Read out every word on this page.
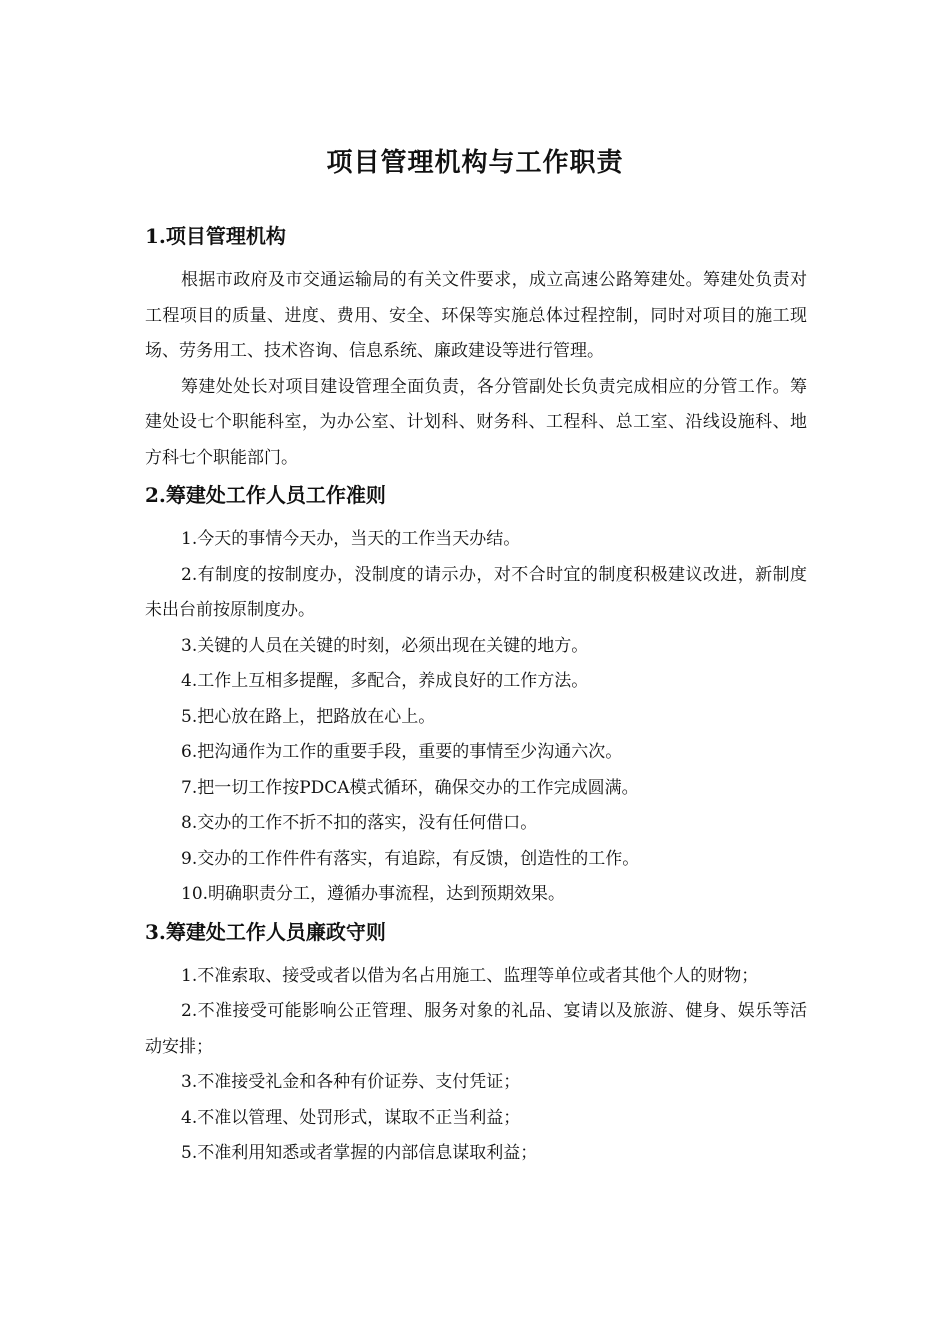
项目管理机构与工作职责
1.项目管理机构

根据市政府及市交通运输局的有关文件要求，成立高速公路筹建处。筹建处负责对工程项目的质量、进度、费用、安全、环保等实施总体过程控制，同时对项目的施工现场、劳务用工、技术咨询、信息系统、廉政建设等进行管理。

筹建处处长对项目建设管理全面负责，各分管副处长负责完成相应的分管工作。筹建处设七个职能科室，为办公室、计划科、财务科、工程科、总工室、沿线设施科、地方科七个职能部门。

2.筹建处工作人员工作准则

1.今天的事情今天办，当天的工作当天办结。

2.有制度的按制度办，没制度的请示办，对不合时宜的制度积极建议改进，新制度未出台前按原制度办。

3.关键的人员在关键的时刻，必须出现在关键的地方。

4.工作上互相多提醒，多配合，养成良好的工作方法。

5.把心放在路上，把路放在心上。

6.把沟通作为工作的重要手段，重要的事情至少沟通六次。

7.把一切工作按PDCA模式循环，确保交办的工作完成圆满。

8.交办的工作不折不扣的落实，没有任何借口。

9.交办的工作件件有落实，有追踪，有反馈，创造性的工作。

10.明确职责分工，遵循办事流程，达到预期效果。

3.筹建处工作人员廉政守则

1.不准索取、接受或者以借为名占用施工、监理等单位或者其他个人的财物；

2.不准接受可能影响公正管理、服务对象的礼品、宴请以及旅游、健身、娱乐等活动安排；

3.不准接受礼金和各种有价证券、支付凭证；

4.不准以管理、处罚形式，谋取不正当利益；

5.不准利用知悉或者掌握的内部信息谋取利益；
